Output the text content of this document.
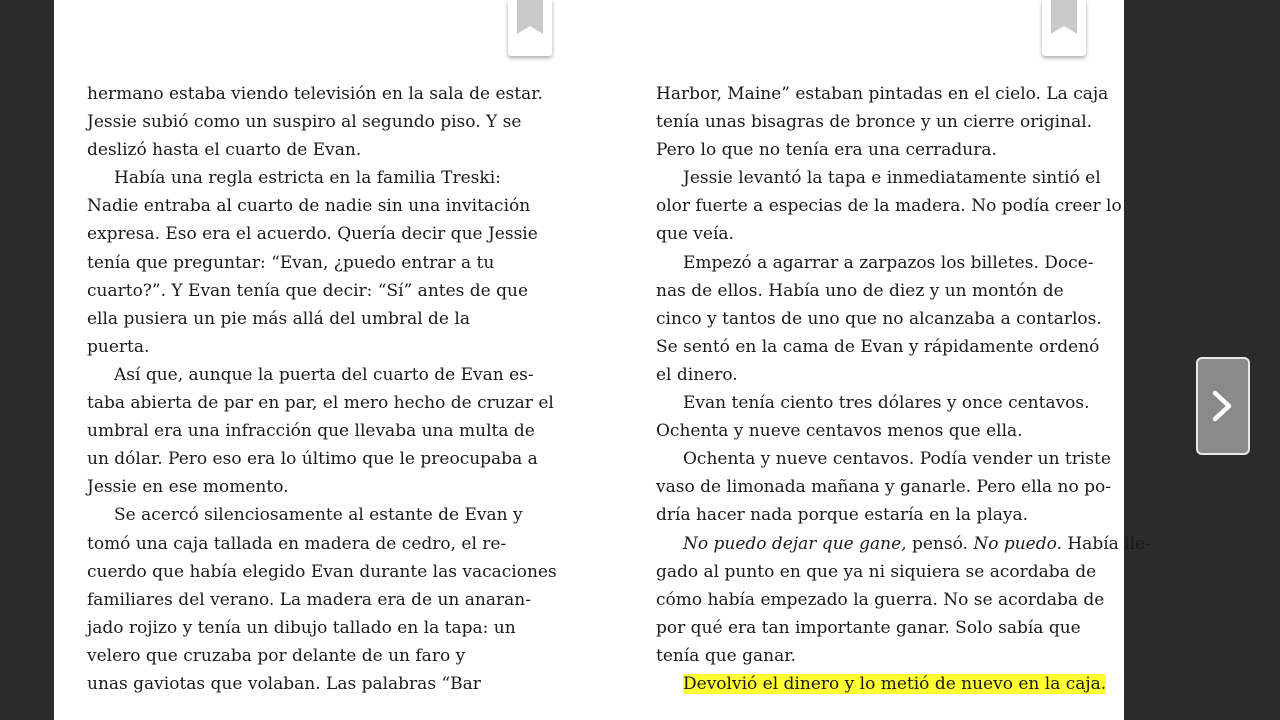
hermano estaba viendo televisión en la sala de estar.
Jessie subió como un suspiro al segundo piso. Y se
deslizó hasta el cuarto de Evan.
Había una regla estricta en la familia Treski:
Nadie entraba al cuarto de nadie sin una invitación
expresa. Eso era el acuerdo. Quería decir que Jessie
tenía que preguntar: “Evan, ¿puedo entrar a tu
cuarto?”. Y Evan tenía que decir: “Sí” antes de que
ella pusiera un pie más allá del umbral de la
puerta.
Así que, aunque la puerta del cuarto de Evan es-
taba abierta de par en par, el mero hecho de cruzar el
umbral era una infracción que llevaba una multa de
un dólar. Pero eso era lo último que le preocupaba a
Jessie en ese momento.
Se acercó silenciosamente al estante de Evan y
tomó una caja tallada en madera de cedro, el re-
cuerdo que había elegido Evan durante las vacaciones
familiares del verano. La madera era de un anaran-
jado rojizo y tenía un dibujo tallado en la tapa: un
velero que cruzaba por delante de un faro y
unas gaviotas que volaban. Las palabras “Bar
Harbor, Maine” estaban pintadas en el cielo. La caja
tenía unas bisagras de bronce y un cierre original.
Pero lo que no tenía era una cerradura.
Jessie levantó la tapa e inmediatamente sintió el
olor fuerte a especias de la madera. No podía creer lo
que veía.
Empezó a agarrar a zarpazos los billetes. Doce-
nas de ellos. Había uno de diez y un montón de
cinco y tantos de uno que no alcanzaba a contarlos.
Se sentó en la cama de Evan y rápidamente ordenó
el dinero.
Evan tenía ciento tres dólares y once centavos.
Ochenta y nueve centavos menos que ella.
Ochenta y nueve centavos. Podía vender un triste
vaso de limonada mañana y ganarle. Pero ella no po-
dría hacer nada porque estaría en la playa.
No puedo dejar que gane, pensó. No puedo. Había lle-
gado al punto en que ya ni siquiera se acordaba de
cómo había empezado la guerra. No se acordaba de
por qué era tan importante ganar. Solo sabía que
tenía que ganar.
Devolvió el dinero y lo metió de nuevo en la caja.
